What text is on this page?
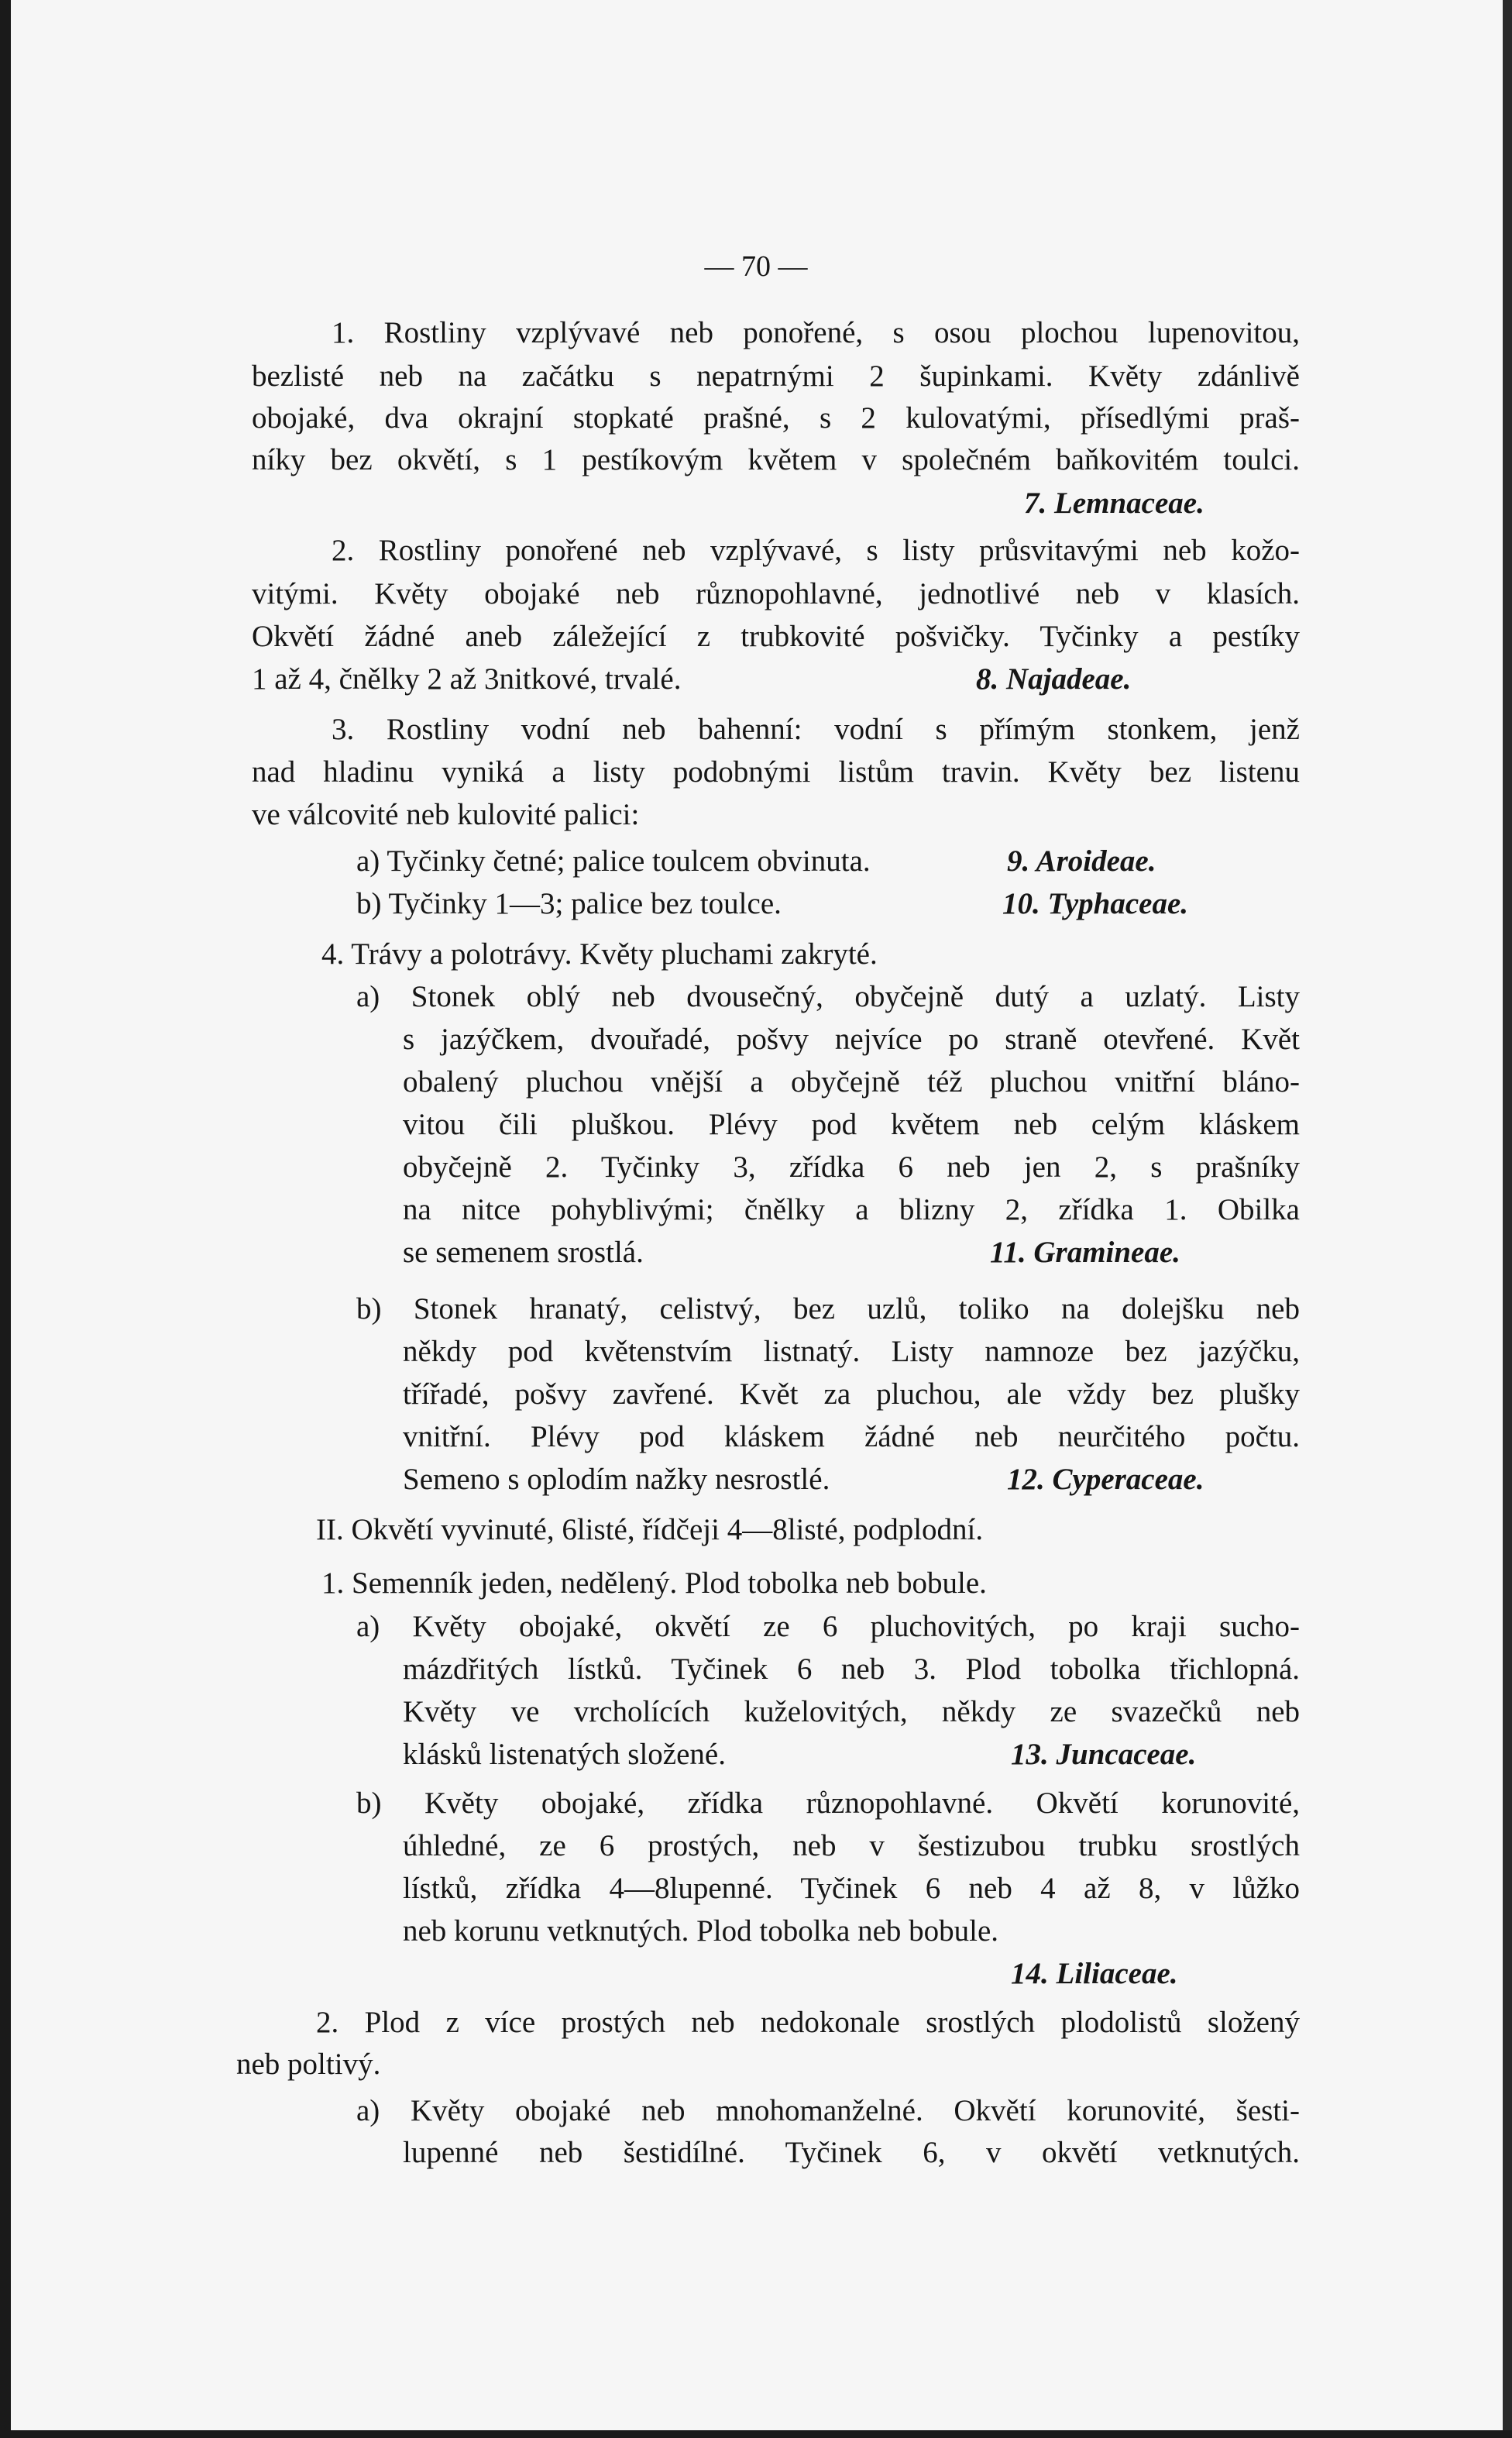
— 70 —
1. Rostliny vzplývavé neb ponořené, s osou plochou lupenovitou,
bezlisté neb na začátku s nepatrnými 2 šupinkami. Květy zdánlivě
obojaké, dva okrajní stopkaté prašné, s 2 kulovatými, přísedlými praš-
níky bez okvětí, s 1 pestíkovým květem v společném baňkovitém toulci.
7. Lemnaceae.
2. Rostliny ponořené neb vzplývavé, s listy průsvitavými neb kožo-
vitými. Květy obojaké neb různopohlavné, jednotlivé neb v klasích.
Okvětí žádné aneb záležející z trubkovité pošvičky. Tyčinky a pestíky
1 až 4, čnělky 2 až 3nitkové, trvalé.	8. Najadeae.
3. Rostliny vodní neb bahenní: vodní s přímým stonkem, jenž
nad hladinu vyniká a listy podobnými listům travin. Květy bez listenu
ve válcovité neb kulovité palici:
a) Tyčinky četné; palice toulcem obvinuta.	9. Aroideae.
b) Tyčinky 1—3; palice bez toulce.	10. Typhaceae.
4. Trávy a polotrávy. Květy pluchami zakryté.
a) Stonek oblý neb dvousečný, obyčejně dutý a uzlatý. Listy
s jazýčkem, dvouřadé, pošvy nejvíce po straně otevřené. Květ
obalený pluchou vnější a obyčejně též pluchou vnitřní bláno-
vitou čili pluškou. Plévy pod květem neb celým kláskem
obyčejně 2. Tyčinky 3, zřídka 6 neb jen 2, s prašníky
na nitce pohyblivými; čnělky a blizny 2, zřídka 1. Obilka
se semenem srostlá.	11. Gramineae.
b) Stonek hranatý, celistvý, bez uzlů, toliko na dolejšku neb
někdy pod květenstvím listnatý. Listy namnoze bez jazýčku,
třířadé, pošvy zavřené. Květ za pluchou, ale vždy bez plušky
vnitřní. Plévy pod kláskem žádné neb neurčitého počtu.
Semeno s oplodím nažky nesrostlé.	12. Cyperaceae.
II. Okvětí vyvinuté, 6listé, řídčeji 4—8listé, podplodní.
1. Semenník jeden, nedělený. Plod tobolka neb bobule.
a) Květy obojaké, okvětí ze 6 pluchovitých, po kraji sucho-
mázdřitých lístků. Tyčinek 6 neb 3. Plod tobolka třichlopná.
Květy ve vrcholících kuželovitých, někdy ze svazečků neb
klásků listenatých složené.	13. Juncaceae.
b) Květy obojaké, zřídka různopohlavné. Okvětí korunovité,
úhledné, ze 6 prostých, neb v šestizubou trubku srostlých
lístků, zřídka 4—8lupenné. Tyčinek 6 neb 4 až 8, v lůžko
neb korunu vetknutých. Plod tobolka neb bobule.
14. Liliaceae.
2. Plod z více prostých neb nedokonale srostlých plodolistů složený
neb poltivý.
a) Květy obojaké neb mnohomanželné. Okvětí korunovité, šesti-
lupenné neb šestidílné. Tyčinek 6, v okvětí vetknutých.
